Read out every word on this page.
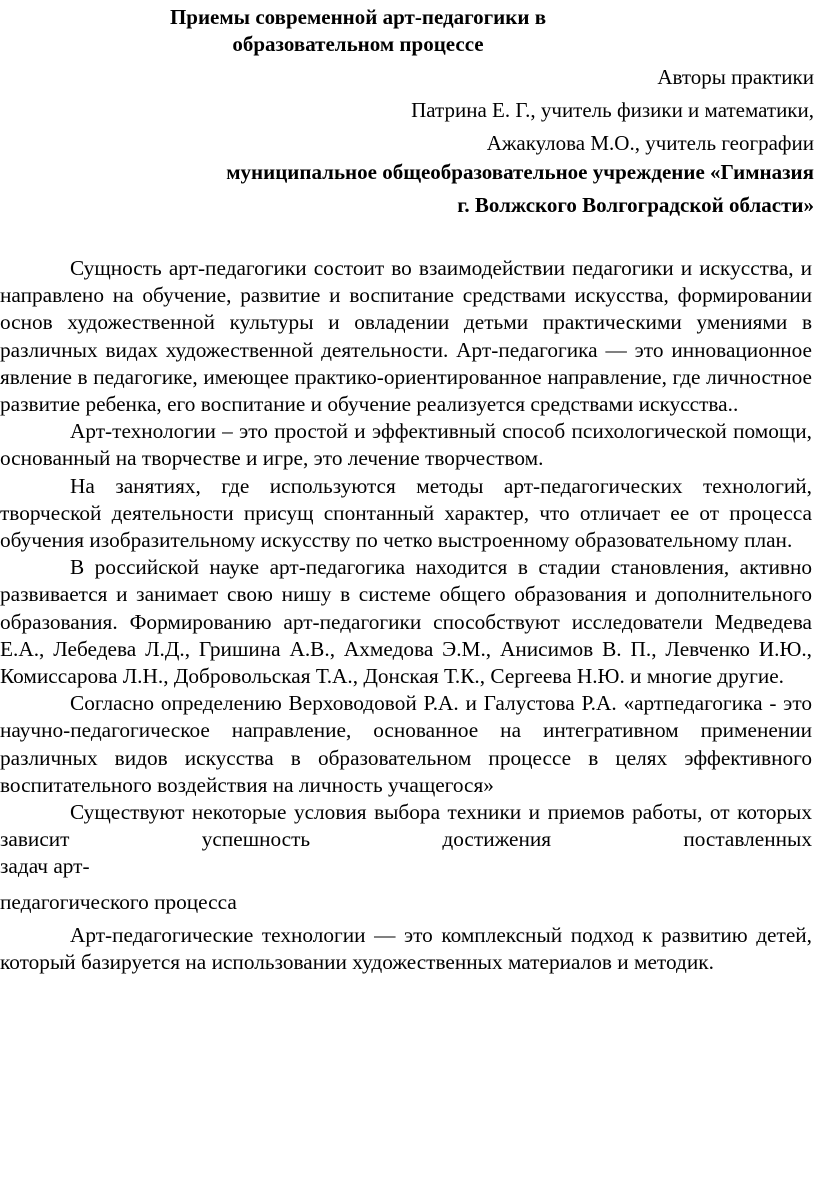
Приемы современной арт-педагогики в
образовательном процессе
Авторы практики
Патрина Е. Г., учитель физики и математики,
Ажакулова М.О., учитель географии
муниципальное общеобразовательное учреждение «Гимназия
г. Волжского Волгоградской области»

Сущность арт-педагогики состоит во взаимодействии педагогики и искусства, и направлено на обучение, развитие и воспитание средствами искусства, формировании основ художественной культуры и овладении детьми практическими умениями в различных видах художественной деятельности. Арт-педагогика — это инновационное явление в педагогике, имеющее практико-ориентированное направление, где личностное развитие ребенка, его воспитание и обучение реализуется средствами искусства..

Арт-технологии – это простой и эффективный способ психологической помощи, основанный на творчестве и игре, это лечение творчеством.

На занятиях, где используются методы арт-педагогических технологий, творческой деятельности присущ спонтанный характер, что отличает ее от процесса обучения изобразительному искусству по четко выстроенному образовательному план.

В российской науке арт-педагогика находится в стадии становления, активно развивается и занимает свою нишу в системе общего образования и дополнительного образования. Формированию арт-педагогики способствуют исследователи Медведева Е.А., Лебедева Л.Д., Гришина А.В., Ахмедова Э.М., Анисимов В. П., Левченко И.Ю., Комиссарова Л.Н., Добровольская Т.А., Донская Т.К., Сергеева Н.Ю. и многие другие.

Согласно определению Верховодовой Р.А. и Галустова Р.А. «артпедагогика - это научно-педагогическое направление, основанное на интегративном применении различных видов искусства в образовательном процессе в целях эффективного воспитательного воздействия на личность учащегося»

Существуют некоторые условия выбора техники и приемов работы, от которых зависит успешность достижения поставленных

задач арт-

педагогического процесса

Арт-педагогические технологии — это комплексный подход к развитию детей, который базируется на использовании художественных материалов и методик.
